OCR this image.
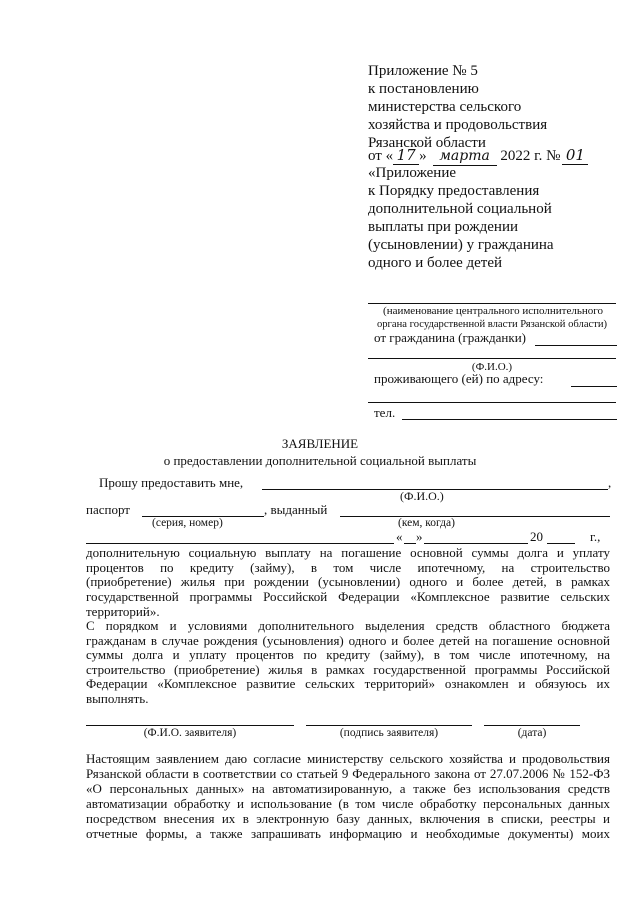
Приложение № 5
к постановлению
министерства сельского
хозяйства и продовольствия
Рязанской области
от « 17 » марта 2022 г. № 01
«Приложение
к Порядку предоставления
дополнительной социальной
выплаты при рождении
(усыновлении) у гражданина
одного и более детей
(наименование центрального исполнительного
органа государственной власти Рязанской области)
от гражданина (гражданки)
(Ф.И.О.)
проживающего (ей) по адресу:
тел.
ЗАЯВЛЕНИЕ
о предоставлении дополнительной социальной выплаты
Прошу предоставить мне,	,
(Ф.И.О.)
паспорт	, выданный
(серия, номер)	(кем, когда)
« »	20	г.,
дополнительную социальную выплату на погашение основной суммы долга и уплату
процентов по кредиту (займу), в том числе ипотечному, на строительство
(приобретение) жилья при рождении (усыновлении) одного и более детей, в рамках
государственной программы Российской Федерации «Комплексное развитие сельских
территорий».
С порядком и условиями дополнительного выделения средств областного бюджета
гражданам в случае рождения (усыновления) одного и более детей на погашение основной
суммы долга и уплату процентов по кредиту (займу), в том числе ипотечному, на
строительство (приобретение) жилья в рамках государственной программы Российской
Федерации «Комплексное развитие сельских территорий» ознакомлен и обязуюсь их
выполнять.
(Ф.И.О. заявителя)	(подпись заявителя)	(дата)
Настоящим заявлением даю согласие министерству сельского хозяйства и продовольствия
Рязанской области в соответствии со статьей 9 Федерального закона от 27.07.2006 № 152-ФЗ
«О персональных данных» на автоматизированную, а также без использования средств
автоматизации обработку и использование (в том числе обработку персональных данных
посредством внесения их в электронную базу данных, включения в списки, реестры и
отчетные формы, а также запрашивать информацию и необходимые документы) моих
